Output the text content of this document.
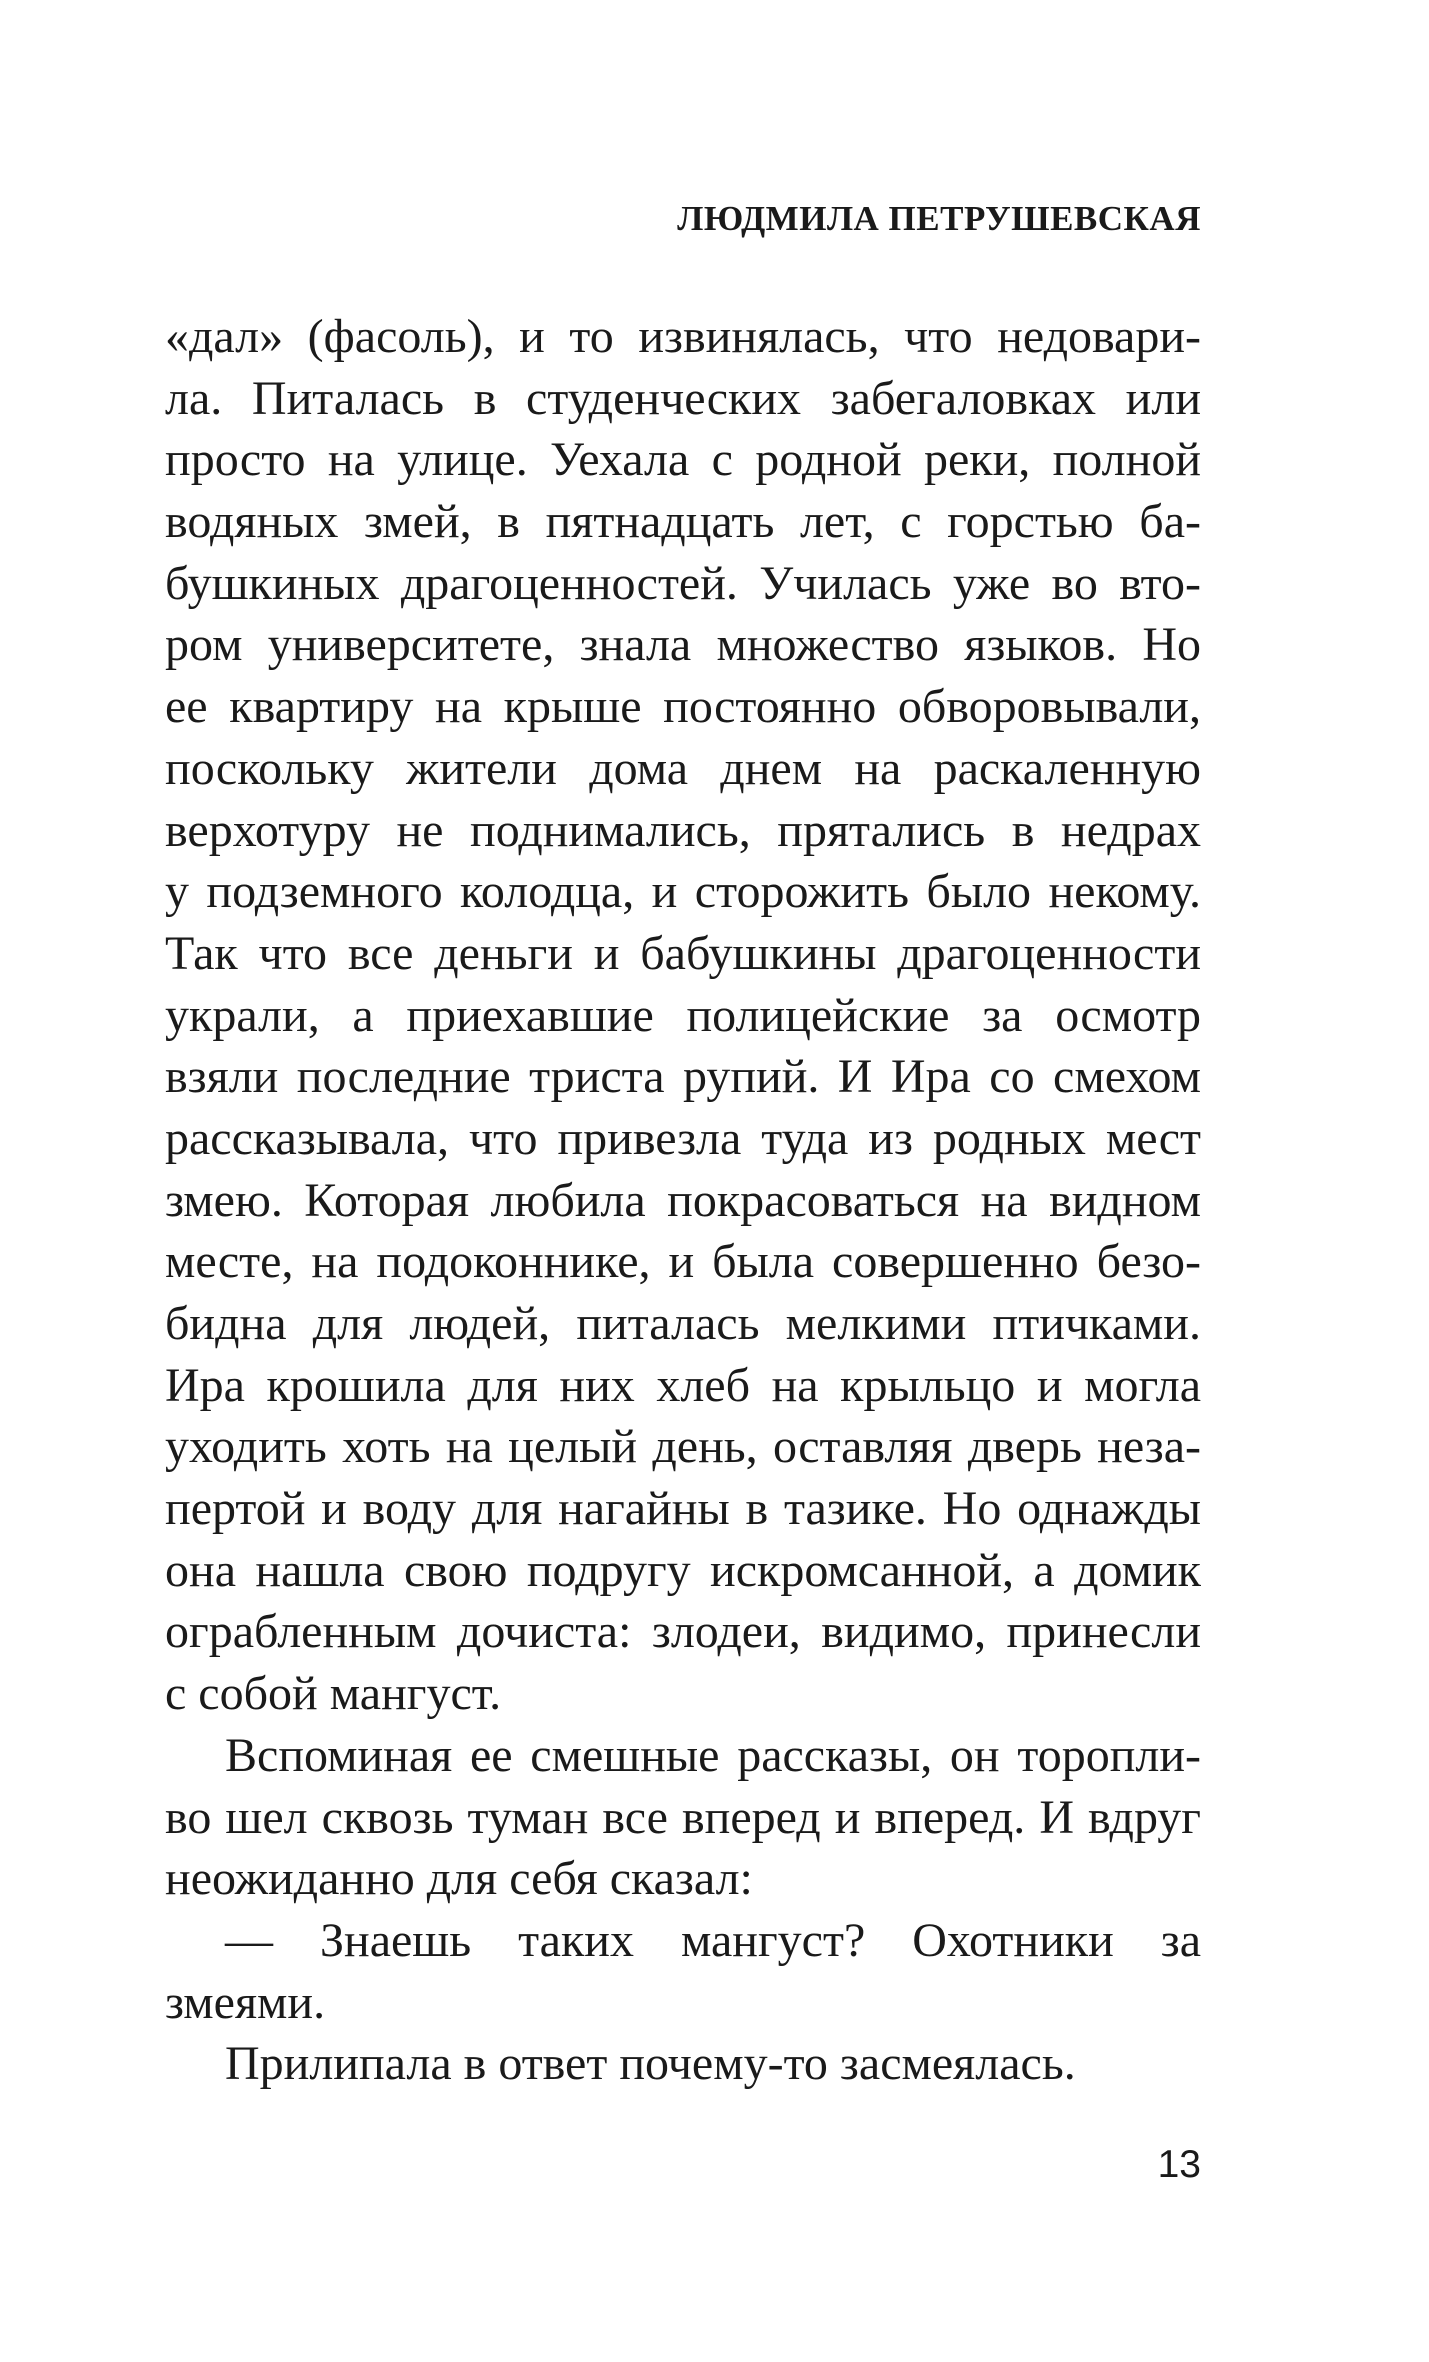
ЛЮДМИЛА ПЕТРУШЕВСКАЯ
«дал» (фасоль), и то извинялась, что недовари-
ла. Питалась в студенческих забегаловках или
просто на улице. Уехала с родной реки, полной
водяных змей, в пятнадцать лет, с горстью ба-
бушкиных драгоценностей. Училась уже во вто-
ром университете, знала множество языков. Но
ее квартиру на крыше постоянно обворовывали,
поскольку жители дома днем на раскаленную
верхотуру не поднимались, прятались в недрах
у подземного колодца, и сторожить было некому.
Так что все деньги и бабушкины драгоценности
украли, а приехавшие полицейские за осмотр
взяли последние триста рупий. И Ира со смехом
рассказывала, что привезла туда из родных мест
змею. Которая любила покрасоваться на видном
месте, на подоконнике, и была совершенно безо-
бидна для людей, питалась мелкими птичками.
Ира крошила для них хлеб на крыльцо и могла
уходить хоть на целый день, оставляя дверь неза-
пертой и воду для нагайны в тазике. Но однажды
она нашла свою подругу искромсанной, а домик
ограбленным дочиста: злодеи, видимо, принесли
с собой мангуст.
Вспоминая ее смешные рассказы, он торопли-
во шел сквозь туман все вперед и вперед. И вдруг
неожиданно для себя сказал:
— Знаешь таких мангуст? Охотники за
змеями.
Прилипала в ответ почему-то засмеялась.
13
